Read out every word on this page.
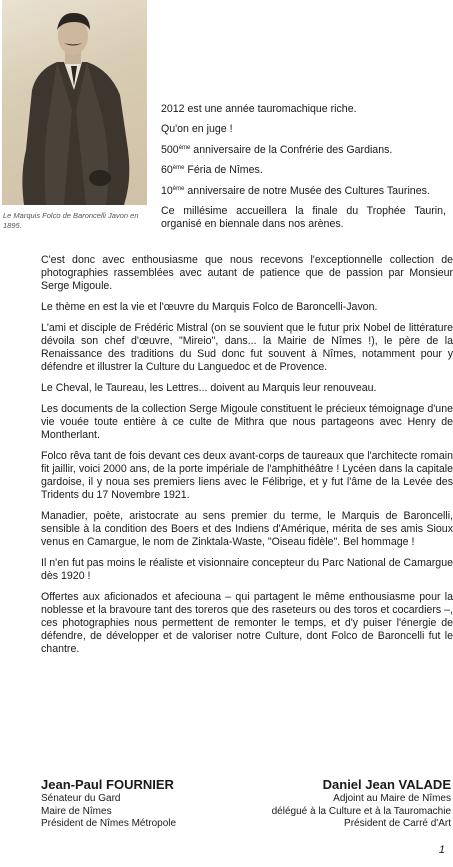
Le Marquis Folco de Baroncelli Javon en 1895.

2012 est une année tauromachique riche.

Qu'on en juge !

500ème anniversaire de la Confrérie des Gardians.

60ème Féria de Nîmes.

10ème anniversaire de notre Musée des Cultures Taurines.

Ce millésime accueillera la finale du Trophée Taurin, organisé en biennale dans nos arènes.

C'est donc avec enthousiasme que nous recevons l'exceptionnelle collection de photographies rassemblées avec autant de patience que de passion par Monsieur Serge Migoule.

Le thème en est la vie et l'œuvre du Marquis Folco de Baroncelli-Javon.

L'ami et disciple de Frédéric Mistral (on se souvient que le futur prix Nobel de littérature dévoila son chef d'œuvre, "Mireio", dans... la Mairie de Nîmes !), le père de la Renaissance des traditions du Sud donc fut souvent à Nîmes, notamment pour y défendre et illustrer la Culture du Languedoc et de Provence.

Le Cheval, le Taureau, les Lettres... doivent au Marquis leur renouveau.

Les documents de la collection Serge Migoule constituent le précieux témoignage d'une vie vouée toute entière à ce culte de Mithra que nous partageons avec Henry de Montherlant.

Folco rêva tant de fois devant ces deux avant-corps de taureaux que l'architecte romain fit jaillir, voici 2000 ans, de la porte impériale de l'amphithéâtre ! Lycéen dans la capitale gardoise, il y noua ses premiers liens avec le Félibrige, et y fut l'âme de la Levée des Tridents du 17 Novembre 1921.

Manadier, poète, aristocrate au sens premier du terme, le Marquis de Baroncelli, sensible à la condition des Boers et des Indiens d'Amérique, mérita de ses amis Sioux venus en Camargue, le nom de Zinktala-Waste, "Oiseau fidèle". Bel hommage !

Il n'en fut pas moins le réaliste et visionnaire concepteur du Parc National de Camargue dès 1920 !

Offertes aux aficionados et afeciouna – qui partagent le même enthousiasme pour la noblesse et la bravoure tant des toreros que des raseteurs ou des toros et cocardiers –, ces photographies nous permettent de remonter le temps, et d'y puiser l'énergie de défendre, de développer et de valoriser notre Culture, dont Folco de Baroncelli fut le chantre.

Jean-Paul FOURNIER
Sénateur du Gard
Maire de Nîmes
Président de Nîmes Métropole
Daniel Jean VALADE
Adjoint au Maire de Nîmes
délégué à la Culture et à la Tauromachie
Président de Carré d'Art
1
